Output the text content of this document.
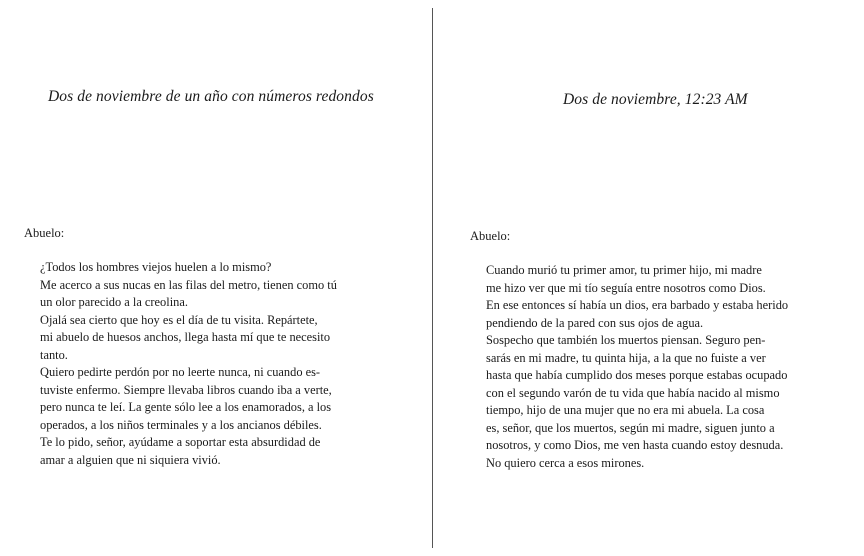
Dos de noviembre de un año con números redondos
Abuelo:
¿Todos los hombres viejos huelen a lo mismo?
Me acerco a sus nucas en las filas del metro, tienen como tú
un olor parecido a la creolina.
Ojalá sea cierto que hoy es el día de tu visita. Repártete,
mi abuelo de huesos anchos, llega hasta mí que te necesito
tanto.
Quiero pedirte perdón por no leerte nunca, ni cuando es-
tuviste enfermo. Siempre llevaba libros cuando iba a verte,
pero nunca te leí. La gente sólo lee a los enamorados, a los
operados, a los niños terminales y a los ancianos débiles.
Te lo pido, señor, ayúdame a soportar esta absurdidad de
amar a alguien que ni siquiera vivió.
Dos de noviembre, 12:23 AM
Abuelo:
Cuando murió tu primer amor, tu primer hijo, mi madre
me hizo ver que mi tío seguía entre nosotros como Dios.
En ese entonces sí había un dios, era barbado y estaba herido
pendiendo de la pared con sus ojos de agua.
Sospecho que también los muertos piensan. Seguro pen-
sarás en mi madre, tu quinta hija, a la que no fuiste a ver
hasta que había cumplido dos meses porque estabas ocupado
con el segundo varón de tu vida que había nacido al mismo
tiempo, hijo de una mujer que no era mi abuela. La cosa
es, señor, que los muertos, según mi madre, siguen junto a
nosotros, y como Dios, me ven hasta cuando estoy desnuda.
No quiero cerca a esos mirones.
